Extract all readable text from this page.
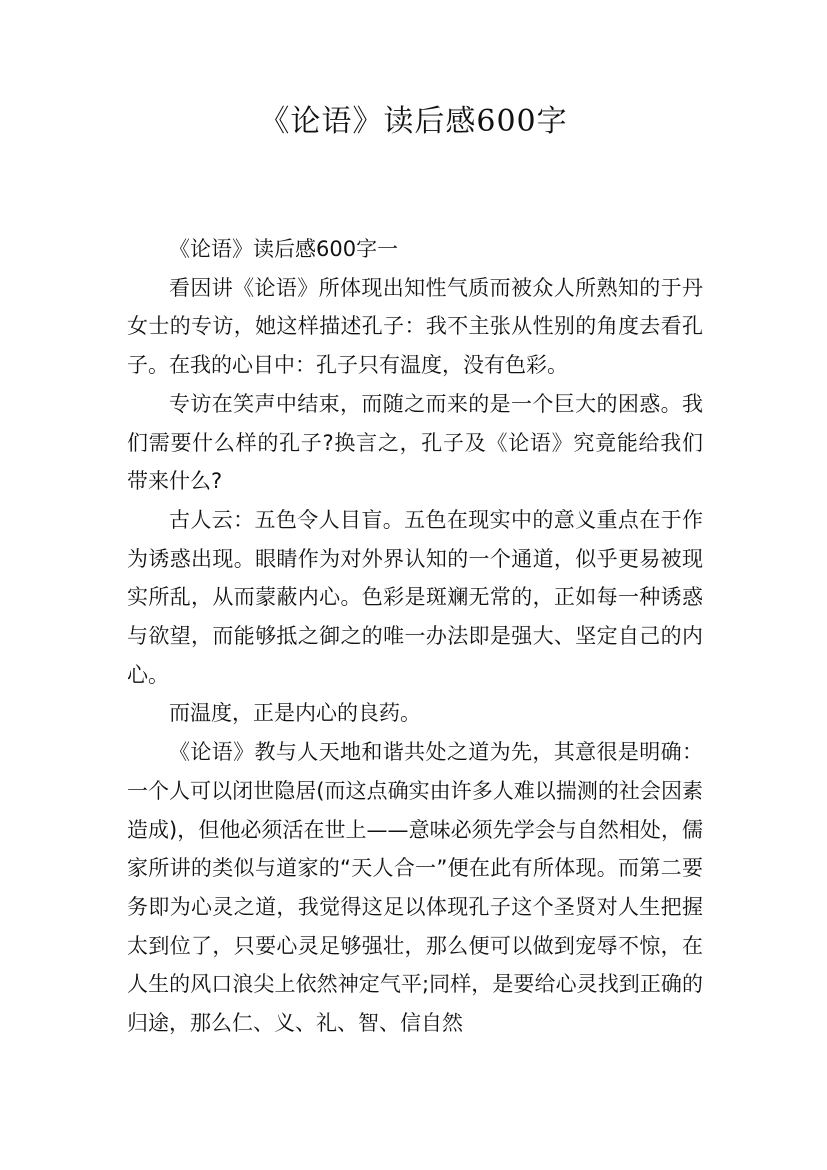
《论语》读后感600字

《论语》读后感600字一

看因讲《论语》所体现出知性气质而被众人所熟知的于丹女士的专访，她这样描述孔子：我不主张从性别的角度去看孔子。在我的心目中：孔子只有温度，没有色彩。

专访在笑声中结束，而随之而来的是一个巨大的困惑。我们需要什么样的孔子?换言之，孔子及《论语》究竟能给我们带来什么?

古人云：五色令人目盲。五色在现实中的意义重点在于作为诱惑出现。眼睛作为对外界认知的一个通道，似乎更易被现实所乱，从而蒙蔽内心。色彩是斑斓无常的，正如每一种诱惑与欲望，而能够抵之御之的唯一办法即是强大、坚定自己的内心。

而温度，正是内心的良药。

《论语》教与人天地和谐共处之道为先，其意很是明确：一个人可以闭世隐居(而这点确实由许多人难以揣测的社会因素造成)，但他必须活在世上——意味必须先学会与自然相处，儒家所讲的类似与道家的“天人合一”便在此有所体现。而第二要务即为心灵之道，我觉得这足以体现孔子这个圣贤对人生把握太到位了，只要心灵足够强壮，那么便可以做到宠辱不惊，在人生的风口浪尖上依然神定气平;同样，是要给心灵找到正确的归途，那么仁、义、礼、智、信自然
